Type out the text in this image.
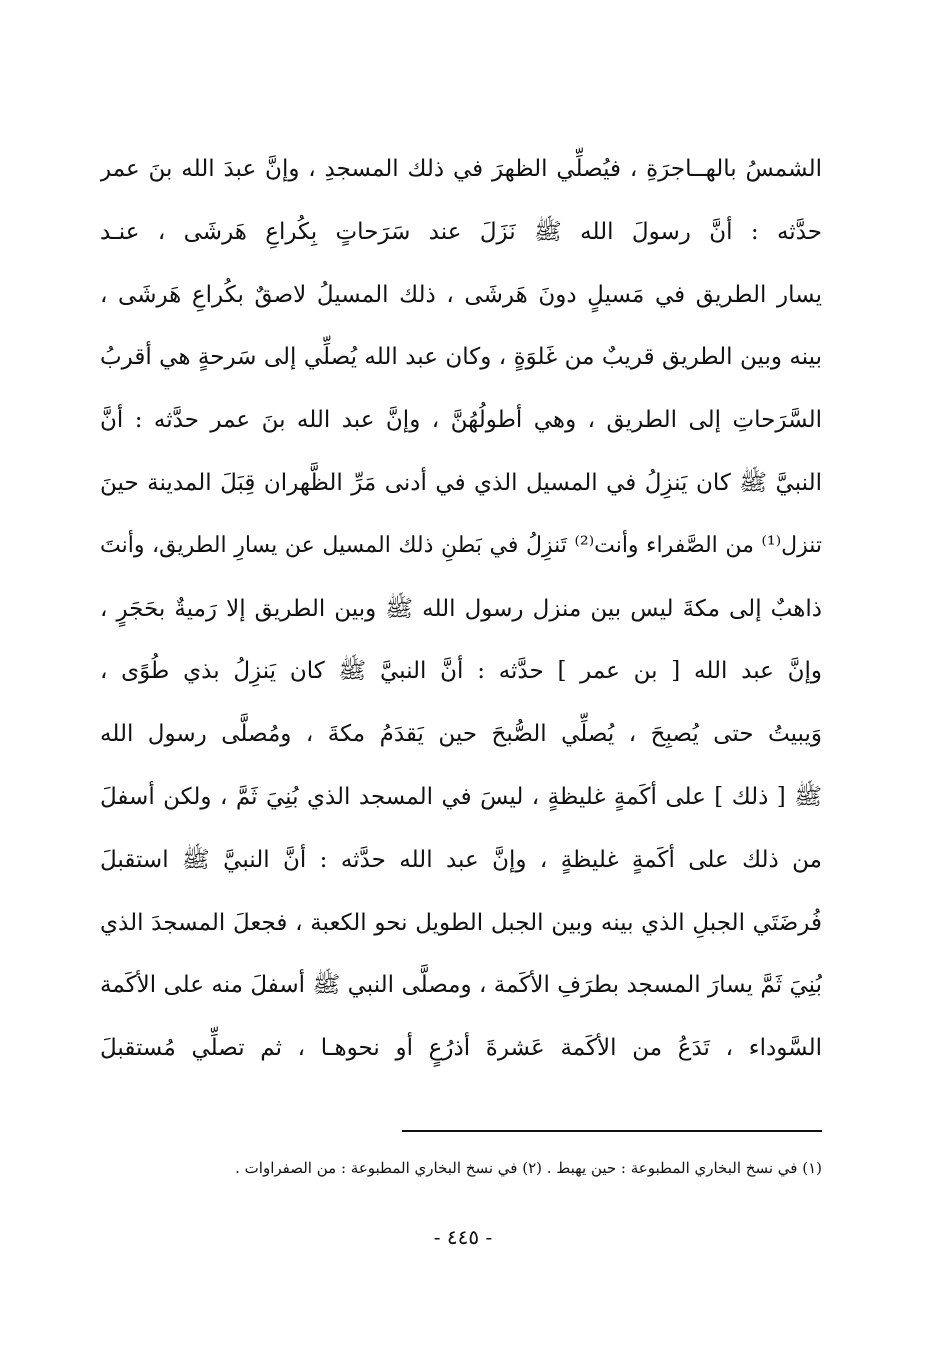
الشمسُ بالهــاجرَةِ ، فيُصلِّي الظهرَ في ذلك المسجدِ ، وإنَّ عبدَ الله بنَ عمر
حدَّثه : أنَّ رسولَ الله ﷺ نَزَلَ عند سَرَحاتٍ بِكُراعِ هَرشَى ، عنـد
يسار الطريق في مَسيلٍ دونَ هَرشَى ، ذلك المسيلُ لاصقٌ بكُراعِ هَرشَى ،
بينه وبين الطريق قريبٌ من غَلوَةٍ ، وكان عبد الله يُصلِّي إلى سَرحةٍ هي أقربُ
السَّرَحاتِ إلى الطريق ، وهي أطولُهُنَّ ، وإنَّ عبد الله بنَ عمر حدَّثه : أنَّ
النبيَّ ﷺ كان يَنزِلُ في المسيل الذي في أدنى مَرِّ الظَّهران قِبَلَ المدينة حينَ
تنزل⁽¹⁾ من الصَّفراء وأنت⁽²⁾ تَنزِلُ في بَطنِ ذلك المسيل عن يسارِ الطريق، وأنتَ
ذاهبٌ إلى مكةَ ليس بين منزل رسول الله ﷺ وبين الطريق إلا رَميةٌ بحَجَرٍ ،
وإنَّ عبد الله [ بن عمر ] حدَّثه : أنَّ النبيَّ ﷺ كان يَنزِلُ بذي طُوًى ،
وَيبيتُ حتى يُصبِحَ ، يُصلِّي الصُّبحَ حين يَقدَمُ مكةَ ، ومُصلَّى رسول الله
ﷺ [ ذلك ] على أكَمةٍ غليظةٍ ، ليسَ في المسجد الذي بُنِيَ ثَمَّ ، ولكن أسفلَ
من ذلك على أكَمةٍ غليظةٍ ، وإنَّ عبد الله حدَّثه : أنَّ النبيَّ ﷺ استقبلَ
فُرضَتَي الجبلِ الذي بينه وبين الجبل الطويل نحو الكعبة ، فجعلَ المسجدَ الذي
بُنِيَ ثَمَّ يسارَ المسجد بطرَفِ الأكَمة ، ومصلَّى النبي ﷺ أسفلَ منه على الأكَمة
السَّوداء ، تَدَعُ من الأكَمة عَشرةَ أذرُعٍ أو نحوهـا ، ثم تصلِّي مُستقبلَ
(١) في نسخ البخاري المطبوعة : حين يهبط . (٢) في نسخ البخاري المطبوعة : من الصفراوات .
- ٤٤٥ -
